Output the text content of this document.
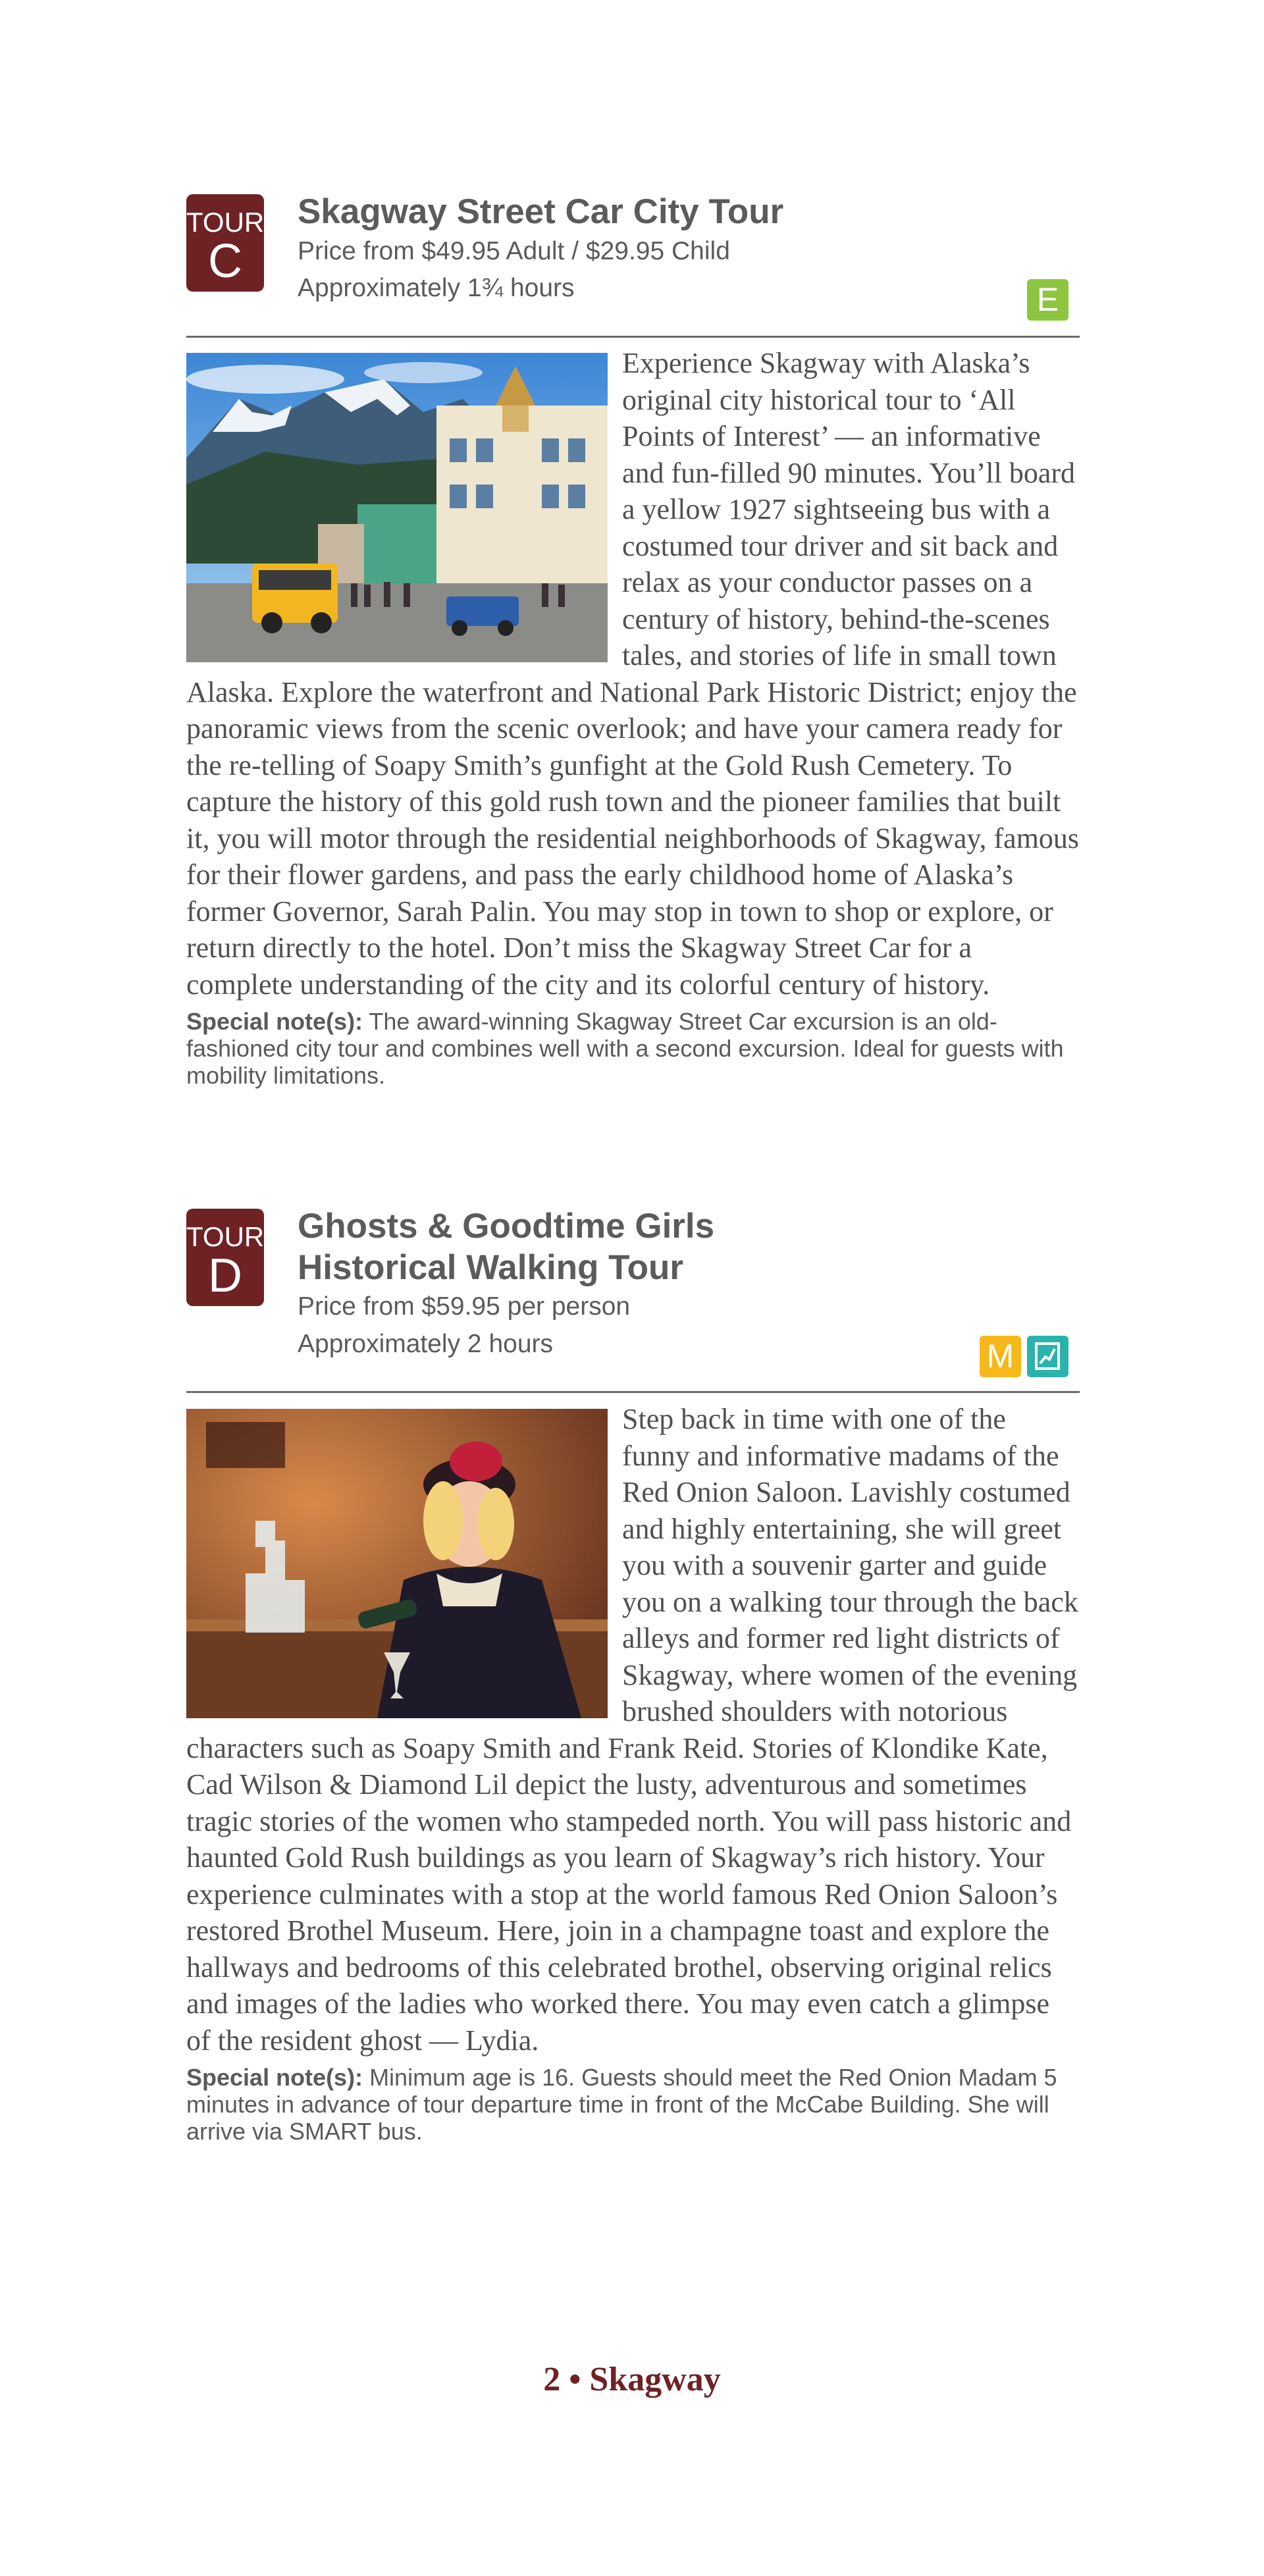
TOUR
C
Skagway Street Car City Tour

Price from $49.95 Adult / $29.95 Child

Approximately 1¾ hours	E

Experience Skagway with Alaska’s original city historical tour to ‘All Points of Interest’ — an informative and fun-filled 90 minutes. You’ll board a yellow 1927 sightseeing bus with a costumed tour driver and sit back and relax as your conductor passes on a century of history, behind-the-scenes tales, and stories of life in small town Alaska. Explore the waterfront and National Park Historic District; enjoy the panoramic views from the scenic overlook; and have your camera ready for the re-telling of Soapy Smith’s gunfight at the Gold Rush Cemetery. To capture the history of this gold rush town and the pioneer families that built it, you will motor through the residential neighborhoods of Skagway, famous for their flower gardens, and pass the early childhood home of Alaska’s former Governor, Sarah Palin. You may stop in town to shop or explore, or return directly to the hotel. Don’t miss the Skagway Street Car for a complete understanding of the city and its colorful century of history.

Special note(s): The award-winning Skagway Street Car excursion is an old-fashioned city tour and combines well with a second excursion. Ideal for guests with mobility limitations.

TOUR
D
Ghosts & Goodtime Girls
Historical Walking Tour

Price from $59.95 per person

Approximately 2 hours	M

Step back in time with one of the funny and informative madams of the Red Onion Saloon. Lavishly costumed and highly entertaining, she will greet you with a souvenir garter and guide you on a walking tour through the back alleys and former red light districts of Skagway, where women of the evening brushed shoulders with notorious characters such as Soapy Smith and Frank Reid. Stories of Klondike Kate, Cad Wilson & Diamond Lil depict the lusty, adventurous and sometimes tragic stories of the women who stampeded north. You will pass historic and haunted Gold Rush buildings as you learn of Skagway’s rich history. Your experience culminates with a stop at the world famous Red Onion Saloon’s restored Brothel Museum. Here, join in a champagne toast and explore the hallways and bedrooms of this celebrated brothel, observing original relics and images of the ladies who worked there. You may even catch a glimpse of the resident ghost — Lydia.

Special note(s): Minimum age is 16. Guests should meet the Red Onion Madam 5 minutes in advance of tour departure time in front of the McCabe Building. She will arrive via SMART bus.

2 • Skagway
